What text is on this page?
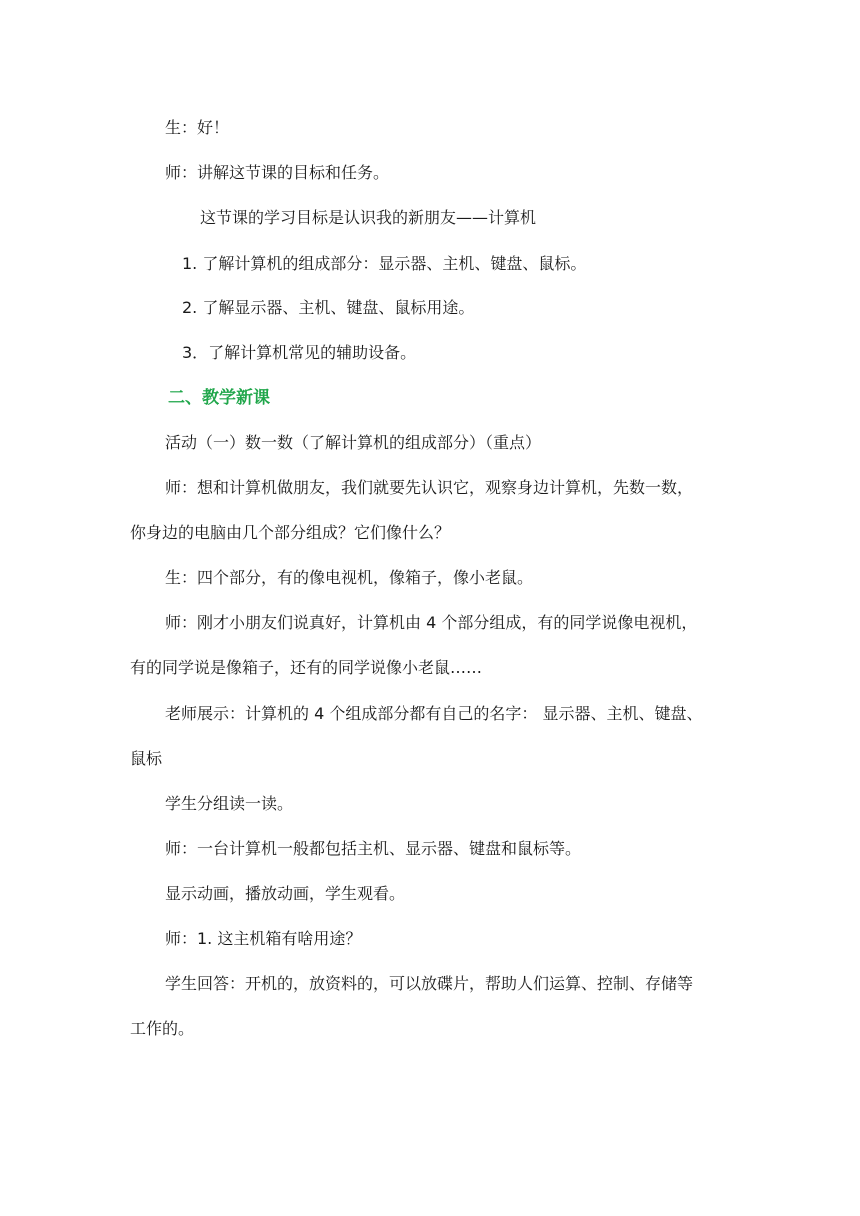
生：好！
师：讲解这节课的目标和任务。
这节课的学习目标是认识我的新朋友——计算机
1. 了解计算机的组成部分：显示器、主机、键盘、鼠标。
2. 了解显示器、主机、键盘、鼠标用途。
3．了解计算机常见的辅助设备。
二、教学新课
活动（一）数一数（了解计算机的组成部分）（重点）
师：想和计算机做朋友，我们就要先认识它，观察身边计算机，先数一数，
你身边的电脑由几个部分组成？它们像什么？
生：四个部分，有的像电视机，像箱子，像小老鼠。
师：刚才小朋友们说真好，计算机由 4 个部分组成，有的同学说像电视机，
有的同学说是像箱子，还有的同学说像小老鼠……
老师展示：计算机的 4 个组成部分都有自己的名字： 显示器、主机、键盘、
鼠标
学生分组读一读。
师：一台计算机一般都包括主机、显示器、键盘和鼠标等。
显示动画，播放动画，学生观看。
师：1. 这主机箱有啥用途？
学生回答：开机的，放资料的，可以放碟片，帮助人们运算、控制、存储等
工作的。
